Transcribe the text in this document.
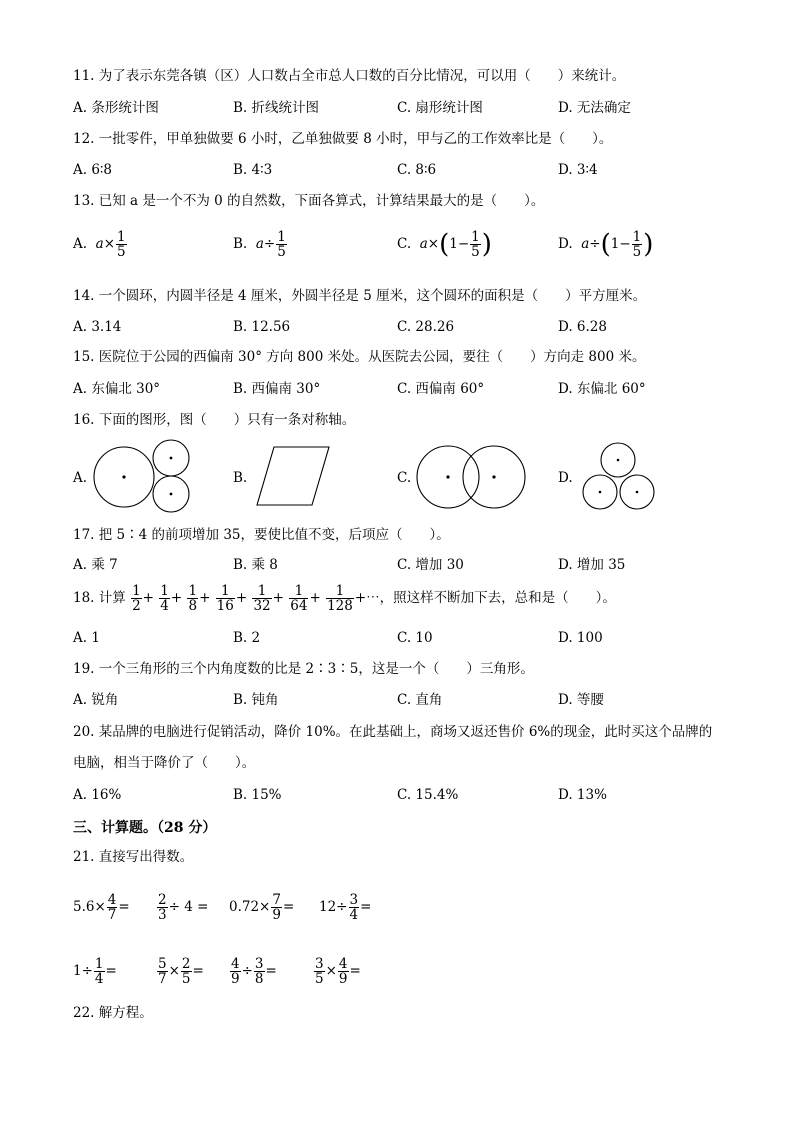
11. 为了表示东莞各镇（区）人口数占全市总人口数的百分比情况，可以用（　　）来统计。
A. 条形统计图	B. 折线统计图	C. 扇形统计图	D. 无法确定
12. 一批零件，甲单独做要 6 小时，乙单独做要 8 小时，甲与乙的工作效率比是（　　）。
A. 6∶8	B. 4∶3	C. 8∶6	D. 3∶4
13. 已知 a 是一个不为 0 的自然数，下面各算式，计算结果最大的是（　　）。
A. $a\times \frac{1}{5}$	B. $a\div \frac{1}{5}$	C. $a\times(1- \frac{1}{5}$ )	D. $a\div(1- \frac{1}{5}$ )
14. 一个圆环，内圆半径是 4 厘米，外圆半径是 5 厘米，这个圆环的面积是（　　）平方厘米。
A. 3.14	B. 12.56	C. 28.26	D. 6.28
15. 医院位于公园的西偏南 30° 方向 800 米处。从医院去公园，要往（　　）方向走 800 米。
A. 东偏北 30°	B. 西偏南 30°	C. 西偏南 60°	D. 东偏北 60°
16. 下面的图形，图（　　）只有一条对称轴。
A.	B.	C.	D.
17. 把 5∶4 的前项增加 35，要使比值不变，后项应（　　）。
A. 乘 7	B. 乘 8	C. 增加 30	D. 增加 35
18. 计算 $\frac{1}{2} + \frac{1}{4} + \frac{1}{8} + \frac{1}{16} + \frac{1}{32} + \frac{1}{64} + \frac{1}{128}$ +⋯，照这样不断加下去，总和是（　　）。
A. 1	B. 2	C. 10	D. 100
19. 一个三角形的三个内角度数的比是 2∶3∶5，这是一个（　　）三角形。
A. 锐角	B. 钝角	C. 直角	D. 等腰
20. 某品牌的电脑进行促销活动，降价 10%。在此基础上，商场又返还售价 6%的现金，此时买这个品牌的
电脑，相当于降价了（　　）。
A. 16%	B. 15%	C. 15.4%	D. 13%
三、计算题。（28 分）
21. 直接写出得数。
$5.6\times \frac{4}{7} = \frac{2}{3} \div 4 = 0.72\times \frac{7}{9} = 12\div \frac{3}{4}$ =
$1\div \frac{1}{4}$ =	$\frac{5}{7} \times \frac{2}{5} = \frac{4}{9} \div \frac{3}{8}$ =	$\frac{3}{5} \times \frac{4}{9}$ =
22. 解方程。
